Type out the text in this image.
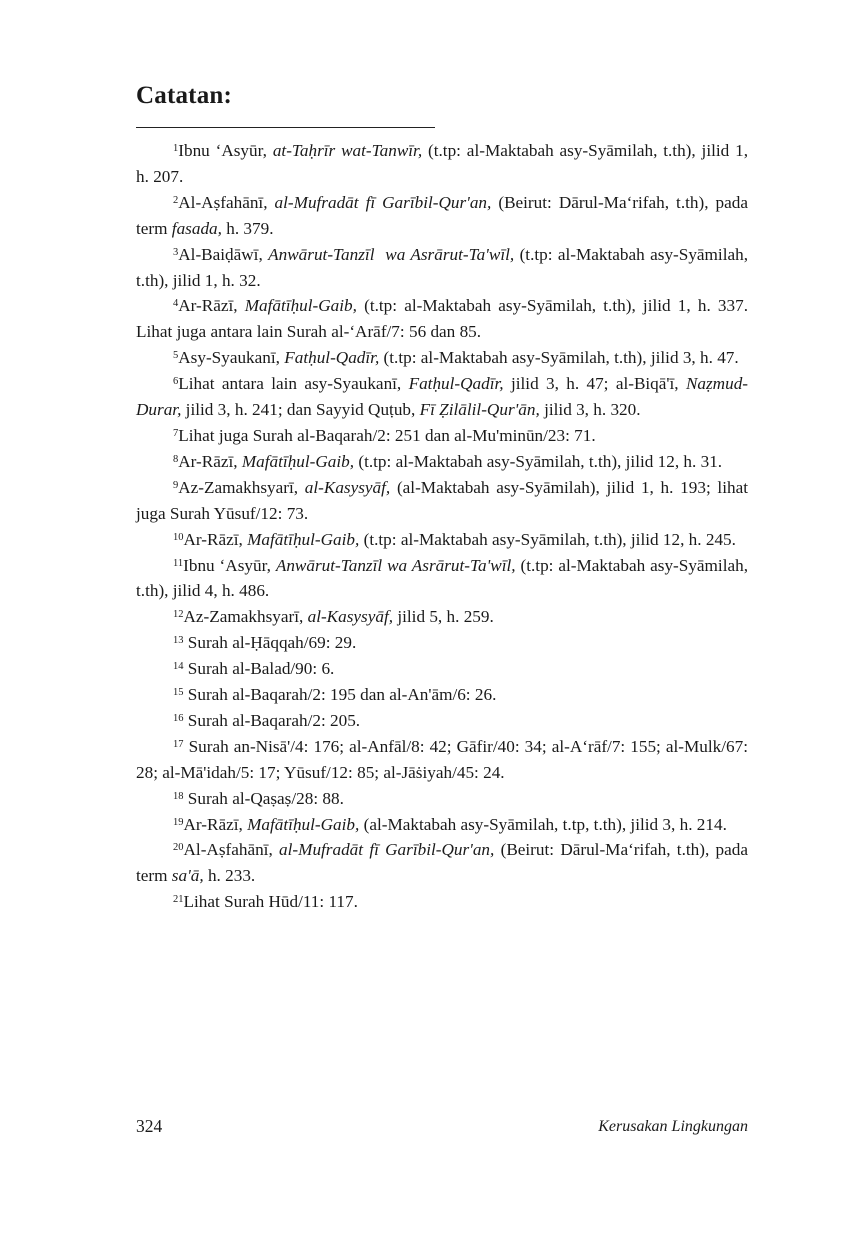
Catatan:

$^1$Ibnu ‘Asyūr, at-Taḥrīr wat-Tanwīr, (t.tp: al-Maktabah asy-Syāmilah, t.th), jilid 1, h. 207.

$^2$Al-Aṣfahānī, al-Mufradāt fī Garībil-Qur'an, (Beirut: Dārul-Ma‘rifah, t.th), pada term fasada, h. 379.

$^3$Al-Baiḍāwī, Anwārut-Tanzīl  wa Asrārut-Ta'wīl, (t.tp: al-Maktabah asy-Syāmilah, t.th), jilid 1, h. 32.

$^4$Ar-Rāzī, Mafātīḥul-Gaib, (t.tp: al-Maktabah asy-Syāmilah, t.th), jilid 1, h. 337. Lihat juga antara lain Surah al-‘Arāf/7: 56 dan 85.

$^5$Asy-Syaukanī, Fatḥul-Qadīr, (t.tp: al-Maktabah asy-Syāmilah, t.th), jilid 3, h. 47.

$^6$Lihat antara lain asy-Syaukanī, Fatḥul-Qadīr, jilid 3, h. 47; al-Biqā'ī, Naẓmud-Durar, jilid 3, h. 241; dan Sayyid Quṭub, Fī Ẓilālil-Qur'ān, jilid 3, h. 320.

$^7$Lihat juga Surah al-Baqarah/2: 251 dan al-Mu'minūn/23: 71.

$^8$Ar-Rāzī, Mafātīḥul-Gaib, (t.tp: al-Maktabah asy-Syāmilah, t.th), jilid 12, h. 31.

$^9$Az-Zamakhsyarī, al-Kasysyāf, (al-Maktabah asy-Syāmilah), jilid 1, h. 193; lihat juga Surah Yūsuf/12: 73.

$^{10}$Ar-Rāzī, Mafātīḥul-Gaib, (t.tp: al-Maktabah asy-Syāmilah, t.th), jilid 12, h. 245.

$^{11}$Ibnu ‘Asyūr, Anwārut-Tanzīl wa Asrārut-Ta'wīl, (t.tp: al-Maktabah asy-Syāmilah, t.th), jilid 4, h. 486.

$^{12}$Az-Zamakhsyarī, al-Kasysyāf, jilid 5, h. 259.

$^{13}$ Surah al-Ḥāqqah/69: 29.

$^{14}$ Surah al-Balad/90: 6.

$^{15}$ Surah al-Baqarah/2: 195 dan al-An'ām/6: 26.

$^{16}$ Surah al-Baqarah/2: 205.

$^{17}$ Surah an-Nisā'/4: 176; al-Anfāl/8: 42; Gāfir/40: 34; al-A‘rāf/7: 155; al-Mulk/67: 28; al-Mā'idah/5: 17; Yūsuf/12: 85; al-Jāṡiyah/45: 24.

$^{18}$ Surah al-Qaṣaṣ/28: 88.

$^{19}$Ar-Rāzī, Mafātīḥul-Gaib, (al-Maktabah asy-Syāmilah, t.tp, t.th), jilid 3, h. 214.

$^{20}$Al-Aṣfahānī, al-Mufradāt fī Garībil-Qur'an, (Beirut: Dārul-Ma‘rifah, t.th), pada term sa'ā, h. 233.

$^{21}$Lihat Surah Hūd/11: 117.

324	Kerusakan Lingkungan
